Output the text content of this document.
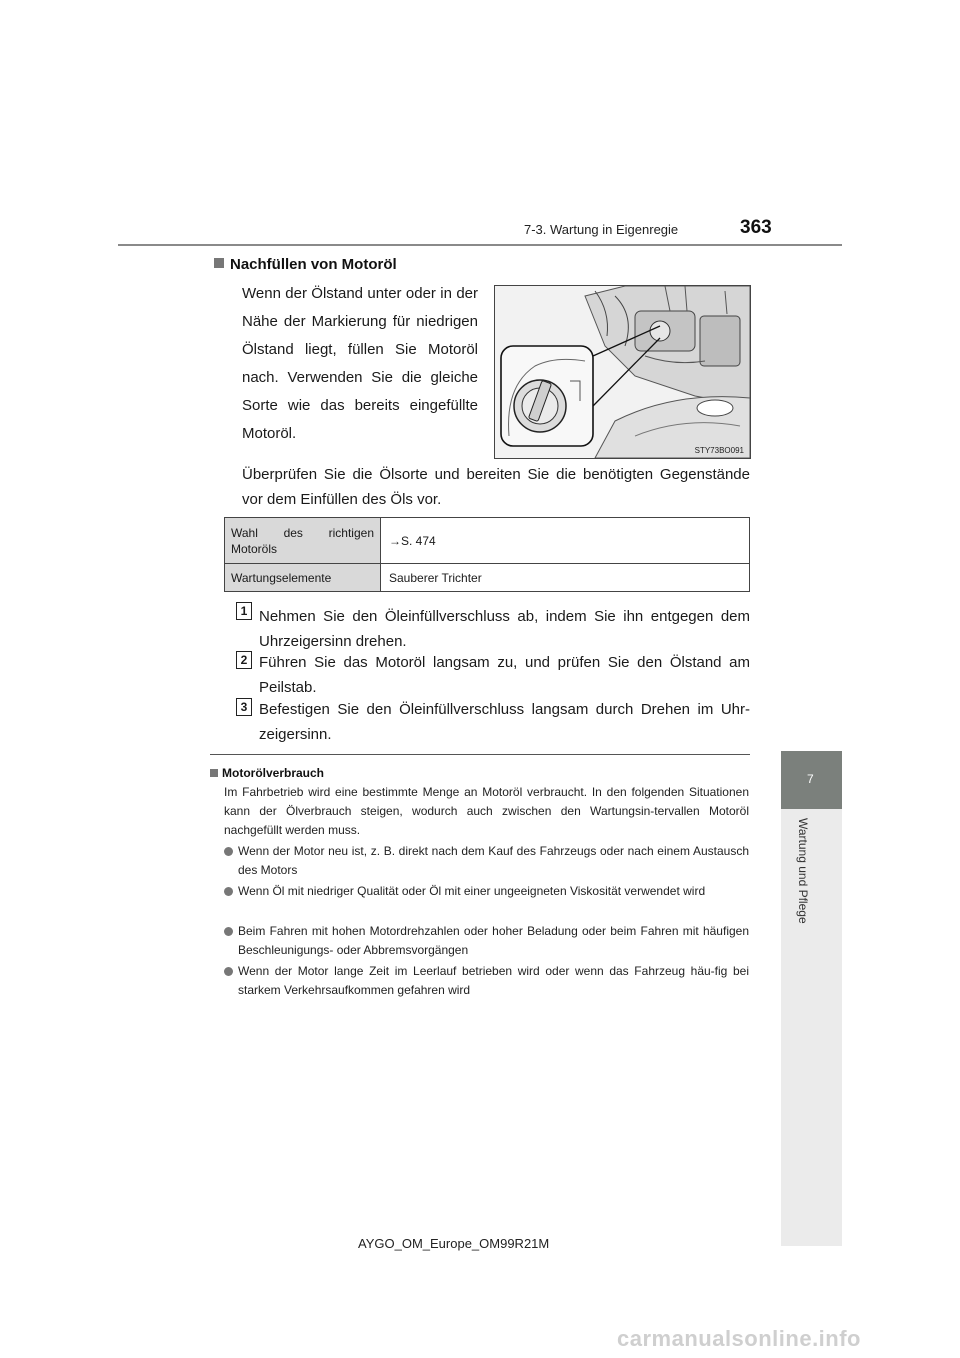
7-3. Wartung in Eigenregie	363
7
Wartung und Pflege
Nachfüllen von Motoröl
Wenn der Ölstand unter oder in der Nähe der Markierung für niedrigen Ölstand liegt, füllen Sie Motoröl nach. Verwenden Sie die gleiche Sorte wie das bereits eingefüllte Motoröl.
STY73BO091
Überprüfen Sie die Ölsorte und bereiten Sie die benötigten Gegenstände vor dem Einfüllen des Öls vor.
Wahl des richtigen
Motoröls	→S. 474
Wartungselemente	Sauberer Trichter
1 Nehmen Sie den Öleinfüllverschluss ab, indem Sie ihn entgegen dem Uhrzeigersinn drehen.
2 Führen Sie das Motoröl langsam zu, und prüfen Sie den Ölstand am Peilstab.
3 Befestigen Sie den Öleinfüllverschluss langsam durch Drehen im Uhr-zeigersinn.
Motorölverbrauch
Im Fahrbetrieb wird eine bestimmte Menge an Motoröl verbraucht. In den folgenden Situationen kann der Ölverbrauch steigen, wodurch auch zwischen den Wartungsin-tervallen Motoröl nachgefüllt werden muss.
Wenn der Motor neu ist, z. B. direkt nach dem Kauf des Fahrzeugs oder nach einem Austausch des Motors
Wenn Öl mit niedriger Qualität oder Öl mit einer ungeeigneten Viskosität verwendet wird
Beim Fahren mit hohen Motordrehzahlen oder hoher Beladung oder beim Fahren mit häufigen Beschleunigungs- oder Abbremsvorgängen
Wenn der Motor lange Zeit im Leerlauf betrieben wird oder wenn das Fahrzeug häu-fig bei starkem Verkehrsaufkommen gefahren wird
AYGO_OM_Europe_OM99R21M
carmanualsonline.info
